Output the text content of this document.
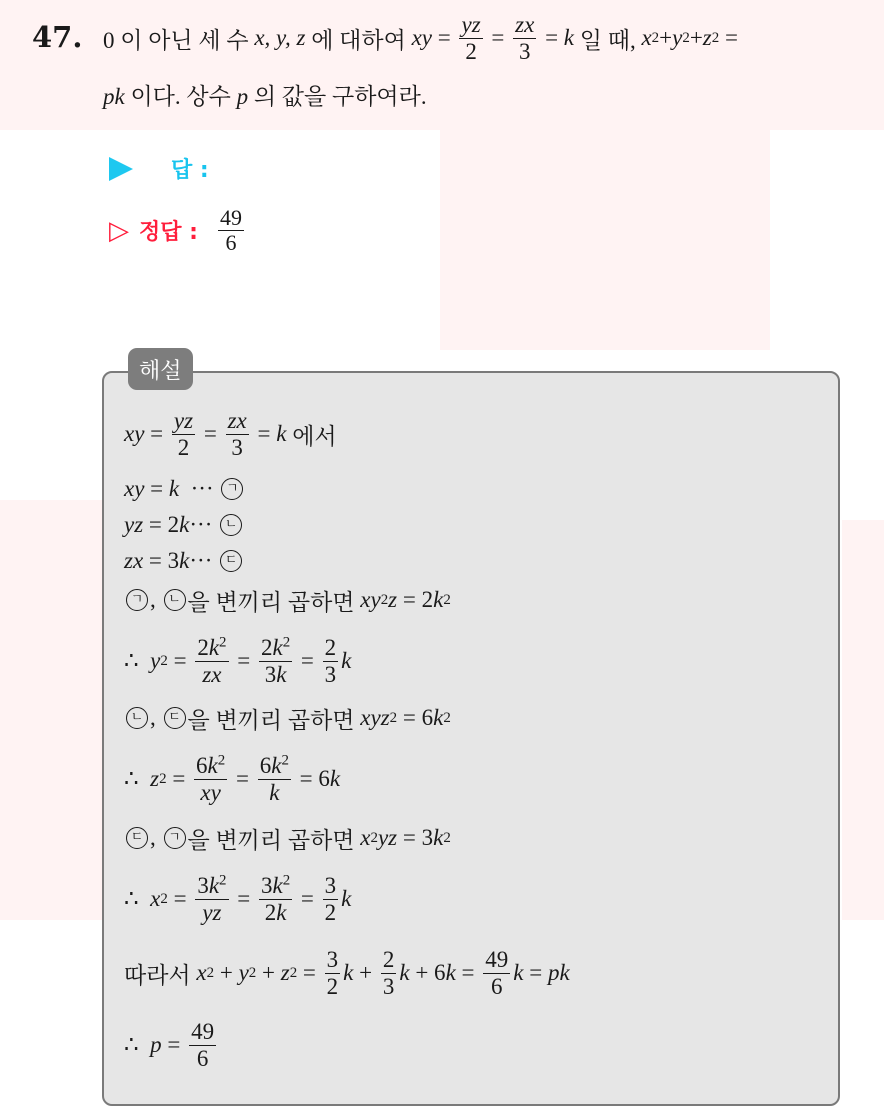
47. 0 이 아닌 세 수
x, y, z
에 대하여
xy = $\frac{yz}{2} = \frac{zx}{3} = k$
일 때,
x 2 + y 2 + z 2 =
pk 이다. 상수 p 의 값을 구하여라.
답 :
▷ 정답 : $\frac{49}{6}$
해설
xy = $\frac{yz}{2} = \frac{zx}{3} = k$
에서
xy = k ··· ㄱ
yz = 2 k ··· ㄴ
zx = 3 k ··· ㄷ
ㄱ , ㄴ 을 변끼리 곱하면
xy 2 z = 2 k 2
∴ y $2 = \frac{2k^2}{zx} = \frac{2k^2}{3k} = \frac{2}{3}$ k
ㄴ , ㄷ 을 변끼리 곱하면
xyz 2 = 6 k 2
∴ z $2 = \frac{6k^2}{xy} = \frac{6k^2}{k} = 6$ k
ㄷ , ㄱ 을 변끼리 곱하면
x 2 yz = 3 k 2
∴ x $2 = \frac{3k^2}{yz} = \frac{3k^2}{2k} = \frac{3}{2}$ k
따라서
x 2 + y 2 + z $2 = \frac{3}{2}$ $k + \frac{2}{3}$ k + 6 $k = \frac{49}{6}$ k = pk
∴ $p = \frac{49}{6}$
